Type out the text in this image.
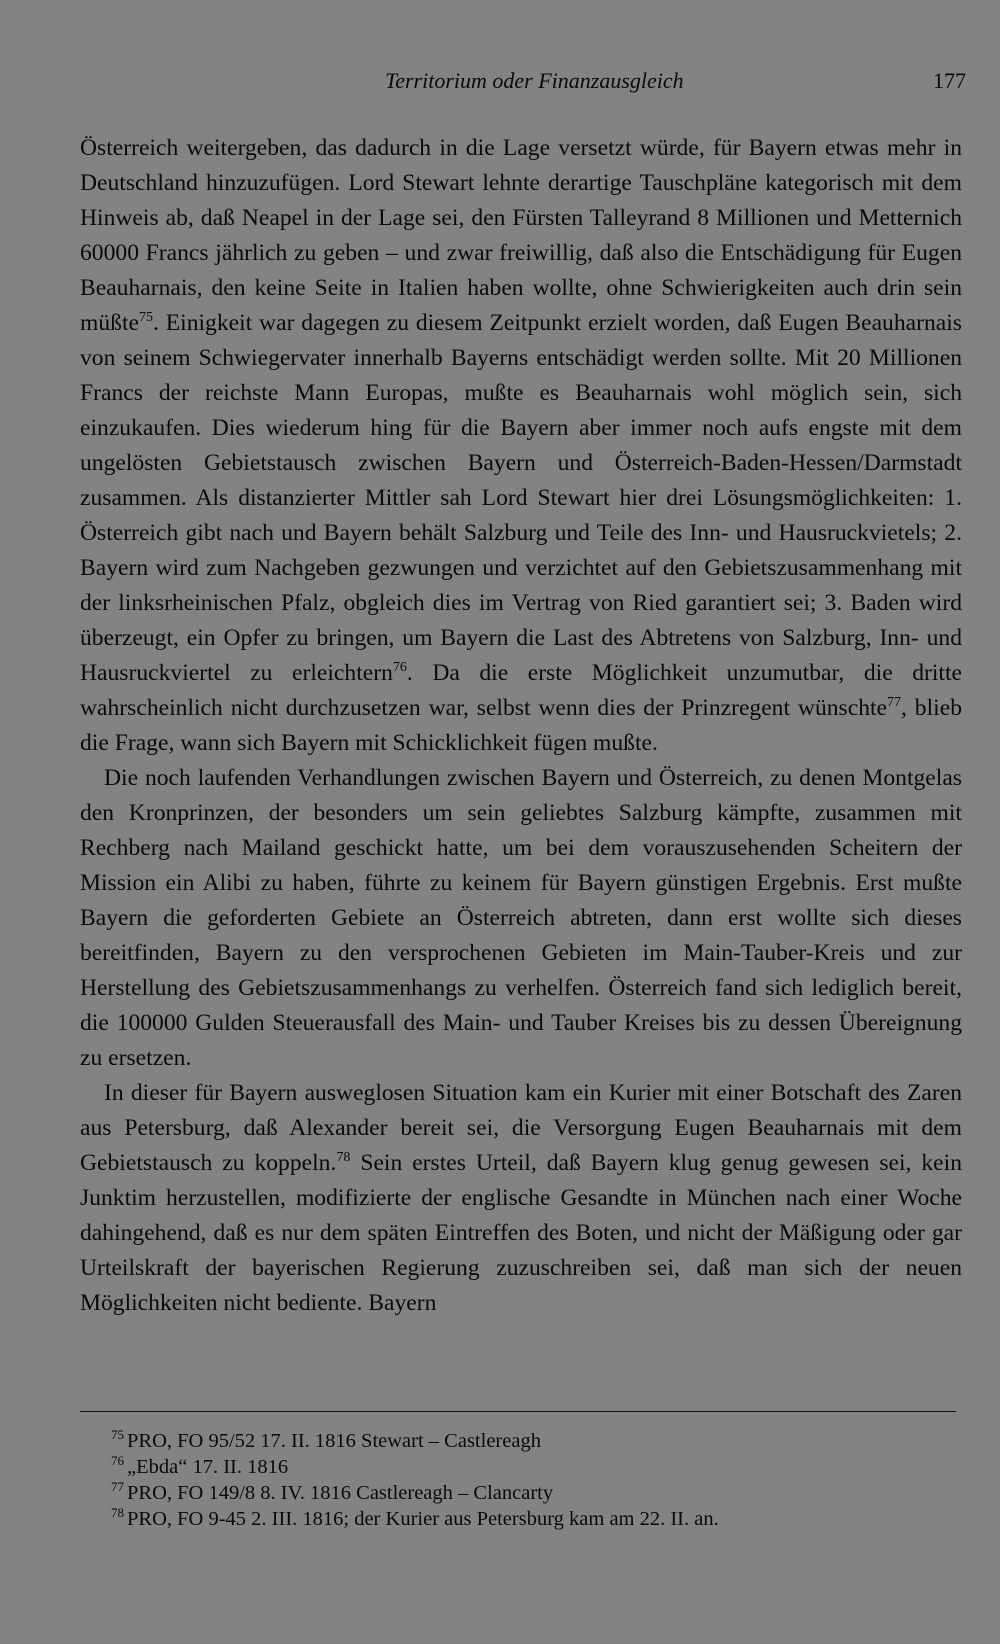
Territorium oder Finanzausgleich	177

Österreich weitergeben, das dadurch in die Lage versetzt würde, für Bayern etwas mehr in Deutschland hinzuzufügen. Lord Stewart lehnte derartige Tauschpläne kategorisch mit dem Hinweis ab, daß Neapel in der Lage sei, den Fürsten Talleyrand 8 Millionen und Metternich 60000 Francs jährlich zu geben – und zwar freiwillig, daß also die Entschädigung für Eugen Beauharnais, den keine Seite in Italien haben wollte, ohne Schwierigkeiten auch drin sein müßte$^{75}$. Einigkeit war dagegen zu diesem Zeitpunkt erzielt worden, daß Eugen Beauharnais von seinem Schwiegervater innerhalb Bayerns entschädigt werden sollte. Mit 20 Millionen Francs der reichste Mann Europas, mußte es Beauharnais wohl möglich sein, sich einzukaufen. Dies wiederum hing für die Bayern aber immer noch aufs engste mit dem ungelösten Gebietstausch zwischen Bayern und Österreich-Baden-Hessen/Darmstadt zusammen. Als distanzierter Mittler sah Lord Stewart hier drei Lösungsmöglichkeiten: 1. Österreich gibt nach und Bayern behält Salzburg und Teile des Inn- und Hausruckvietels; 2. Bayern wird zum Nachgeben gezwungen und verzichtet auf den Gebietszusammenhang mit der linksrheinischen Pfalz, obgleich dies im Vertrag von Ried garantiert sei; 3. Baden wird überzeugt, ein Opfer zu bringen, um Bayern die Last des Abtretens von Salzburg, Inn- und Hausruckviertel zu erleichtern$^{76}$. Da die erste Möglichkeit unzumutbar, die dritte wahrscheinlich nicht durchzusetzen war, selbst wenn dies der Prinzregent wünschte$^{77}$, blieb die Frage, wann sich Bayern mit Schicklichkeit fügen mußte.

Die noch laufenden Verhandlungen zwischen Bayern und Österreich, zu denen Montgelas den Kronprinzen, der besonders um sein geliebtes Salzburg kämpfte, zusammen mit Rechberg nach Mailand geschickt hatte, um bei dem vorauszusehenden Scheitern der Mission ein Alibi zu haben, führte zu keinem für Bayern günstigen Ergebnis. Erst mußte Bayern die geforderten Gebiete an Österreich abtreten, dann erst wollte sich dieses bereitfinden, Bayern zu den versprochenen Gebieten im Main-Tauber-Kreis und zur Herstellung des Gebietszusammenhangs zu verhelfen. Österreich fand sich lediglich bereit, die 100000 Gulden Steuerausfall des Main- und Tauber Kreises bis zu dessen Übereignung zu ersetzen.

In dieser für Bayern ausweglosen Situation kam ein Kurier mit einer Botschaft des Zaren aus Petersburg, daß Alexander bereit sei, die Versorgung Eugen Beauharnais mit dem Gebietstausch zu koppeln.$^{78}$ Sein erstes Urteil, daß Bayern klug genug gewesen sei, kein Junktim herzustellen, modifizierte der englische Gesandte in München nach einer Woche dahingehend, daß es nur dem späten Eintreffen des Boten, und nicht der Mäßigung oder gar Urteilskraft der bayerischen Regierung zuzuschreiben sei, daß man sich der neuen Möglichkeiten nicht bediente. Bayern

$^{75}$ PRO, FO 95/52 17. II. 1816 Stewart – Castlereagh
$^{76}$ „Ebda“ 17. II. 1816
$^{77}$ PRO, FO 149/8 8. IV. 1816 Castlereagh – Clancarty
$^{78}$ PRO, FO 9-45 2. III. 1816; der Kurier aus Petersburg kam am 22. II. an.
